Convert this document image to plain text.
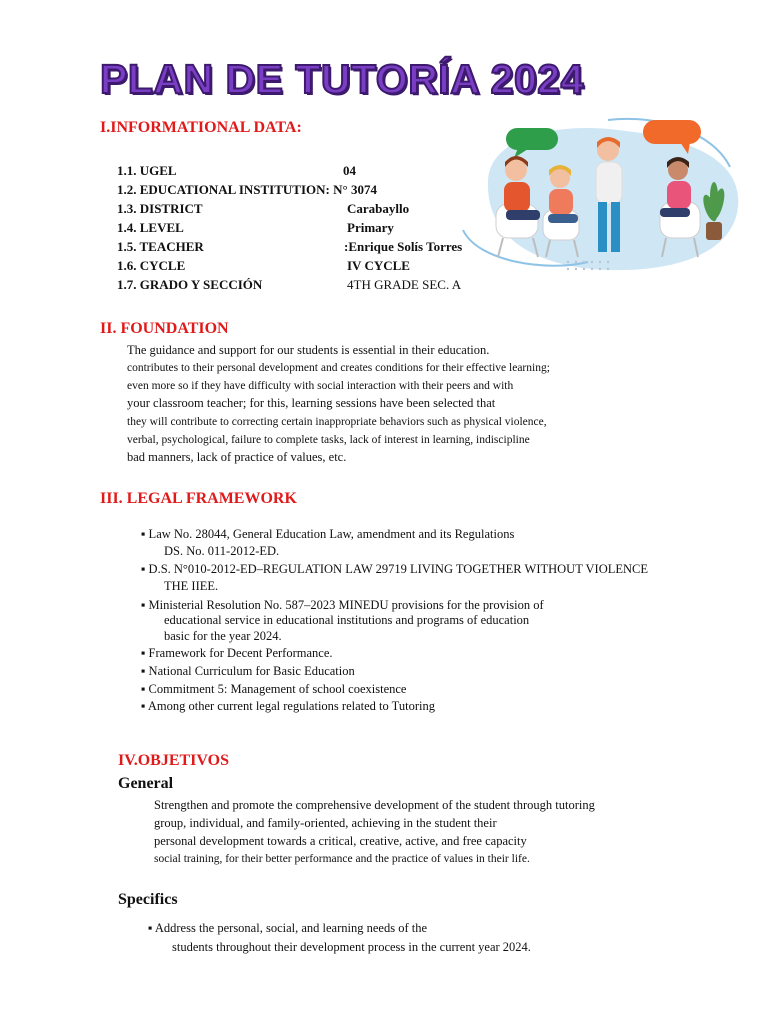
PLAN DE TUTORÍA 2024
I.INFORMATIONAL DATA:
1.1. UGEL	04
1.2. EDUCATIONAL INSTITUTION: N° 3074
1.3. DISTRICT	Carabayllo
1.4. LEVEL	Primary
1.5. TEACHER	:Enrique Solís Torres
1.6. CYCLE	IV CYCLE
1.7. GRADO Y SECCIÓN	4TH GRADE SEC. A
II. FOUNDATION
The guidance and support for our students is essential in their education.
contributes to their personal development and creates conditions for their effective learning;
even more so if they have difficulty with social interaction with their peers and with
your classroom teacher; for this, learning sessions have been selected that
they will contribute to correcting certain inappropriate behaviors such as physical violence,
verbal, psychological, failure to complete tasks, lack of interest in learning, indiscipline
bad manners, lack of practice of values, etc.
III. LEGAL FRAMEWORK
▪ Law No. 28044, General Education Law, amendment and its Regulations
DS. No. 011-2012-ED.
▪ D.S. N°010-2012-ED–REGULATION LAW 29719 LIVING TOGETHER WITHOUT VIOLENCE
THE IIEE.
▪ Ministerial Resolution No. 587–2023 MINEDU provisions for the provision of
educational service in educational institutions and programs of education
basic for the year 2024.
▪ Framework for Decent Performance.
▪ National Curriculum for Basic Education
▪ Commitment 5: Management of school coexistence
▪ Among other current legal regulations related to Tutoring
IV.OBJETIVOS
General
Strengthen and promote the comprehensive development of the student through tutoring
group, individual, and family-oriented, achieving in the student their
personal development towards a critical, creative, active, and free capacity
social training, for their better performance and the practice of values in their life.
Specifics
▪ Address the personal, social, and learning needs of the
students throughout their development process in the current year 2024.
